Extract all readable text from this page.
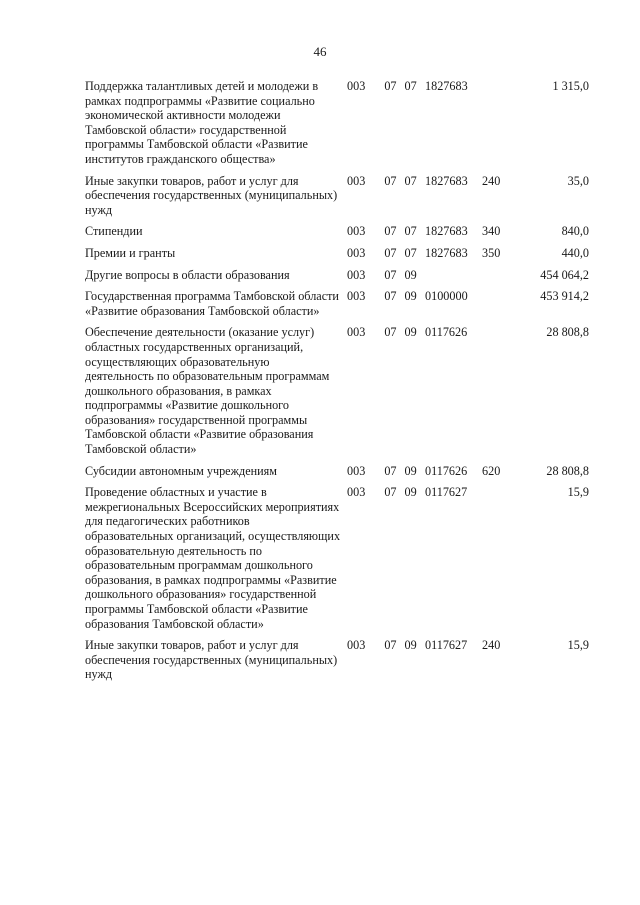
46
Поддержка талантливых детей и молодежи в рамках подпрограммы «Развитие социально экономической активности молодежи Тамбовской области» государственной программы Тамбовской области «Развитие институтов гражданского общества»	003	07 07	1827683		1 315,0

Иные закупки товаров, работ и услуг для обеспечения государственных (муниципальных) нужд	003	07 07	1827683	240	35,0

Стипендии	003	07 07	1827683	340	840,0

Премии и гранты	003	07 07	1827683	350	440,0

Другие вопросы в области образования	003	07 09			454 064,2

Государственная программа Тамбовской области «Развитие образования Тамбовской области»	003	07 09	0100000		453 914,2

Обеспечение деятельности (оказание услуг) областных государственных организаций, осуществляющих образовательную деятельность по образовательным программам дошкольного образования, в рамках подпрограммы «Развитие дошкольного образования» государственной программы Тамбовской области «Развитие образования Тамбовской области»	003	07 09	0117626		28 808,8

Субсидии автономным учреждениям	003	07 09	0117626	620	28 808,8

Проведение областных и участие в межрегиональных Всероссийских мероприятиях для педагогических работников образовательных организаций, осуществляющих образовательную деятельность по образовательным программам дошкольного образования, в рамках подпрограммы «Развитие дошкольного образования» государственной программы Тамбовской области «Развитие образования Тамбовской области»	003	07 09	0117627		15,9

Иные закупки товаров, работ и услуг для обеспечения государственных (муниципальных) нужд	003	07 09	0117627	240	15,9
